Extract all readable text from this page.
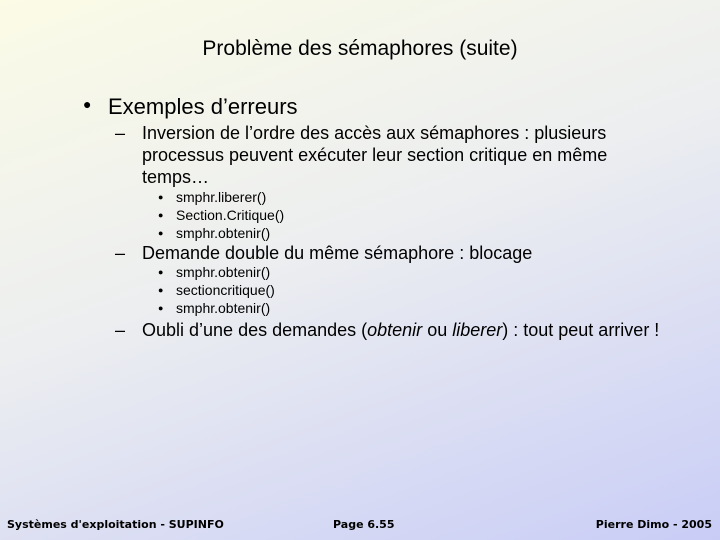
Problème des sémaphores (suite)
● Exemples d’erreurs
– Inversion de l’ordre des accès aux sémaphores : plusieurs processus peuvent exécuter leur section critique en même temps…
● smphr.liberer()
● Section.Critique()
● smphr.obtenir()
– Demande double du même sémaphore : blocage
● smphr.obtenir()
● sectioncritique()
● smphr.obtenir()
– Oubli d’une des demandes (obtenir ou liberer) : tout peut arriver !
Systèmes d'exploitation - SUPINFO	Page 6.55	Pierre Dimo - 2005
